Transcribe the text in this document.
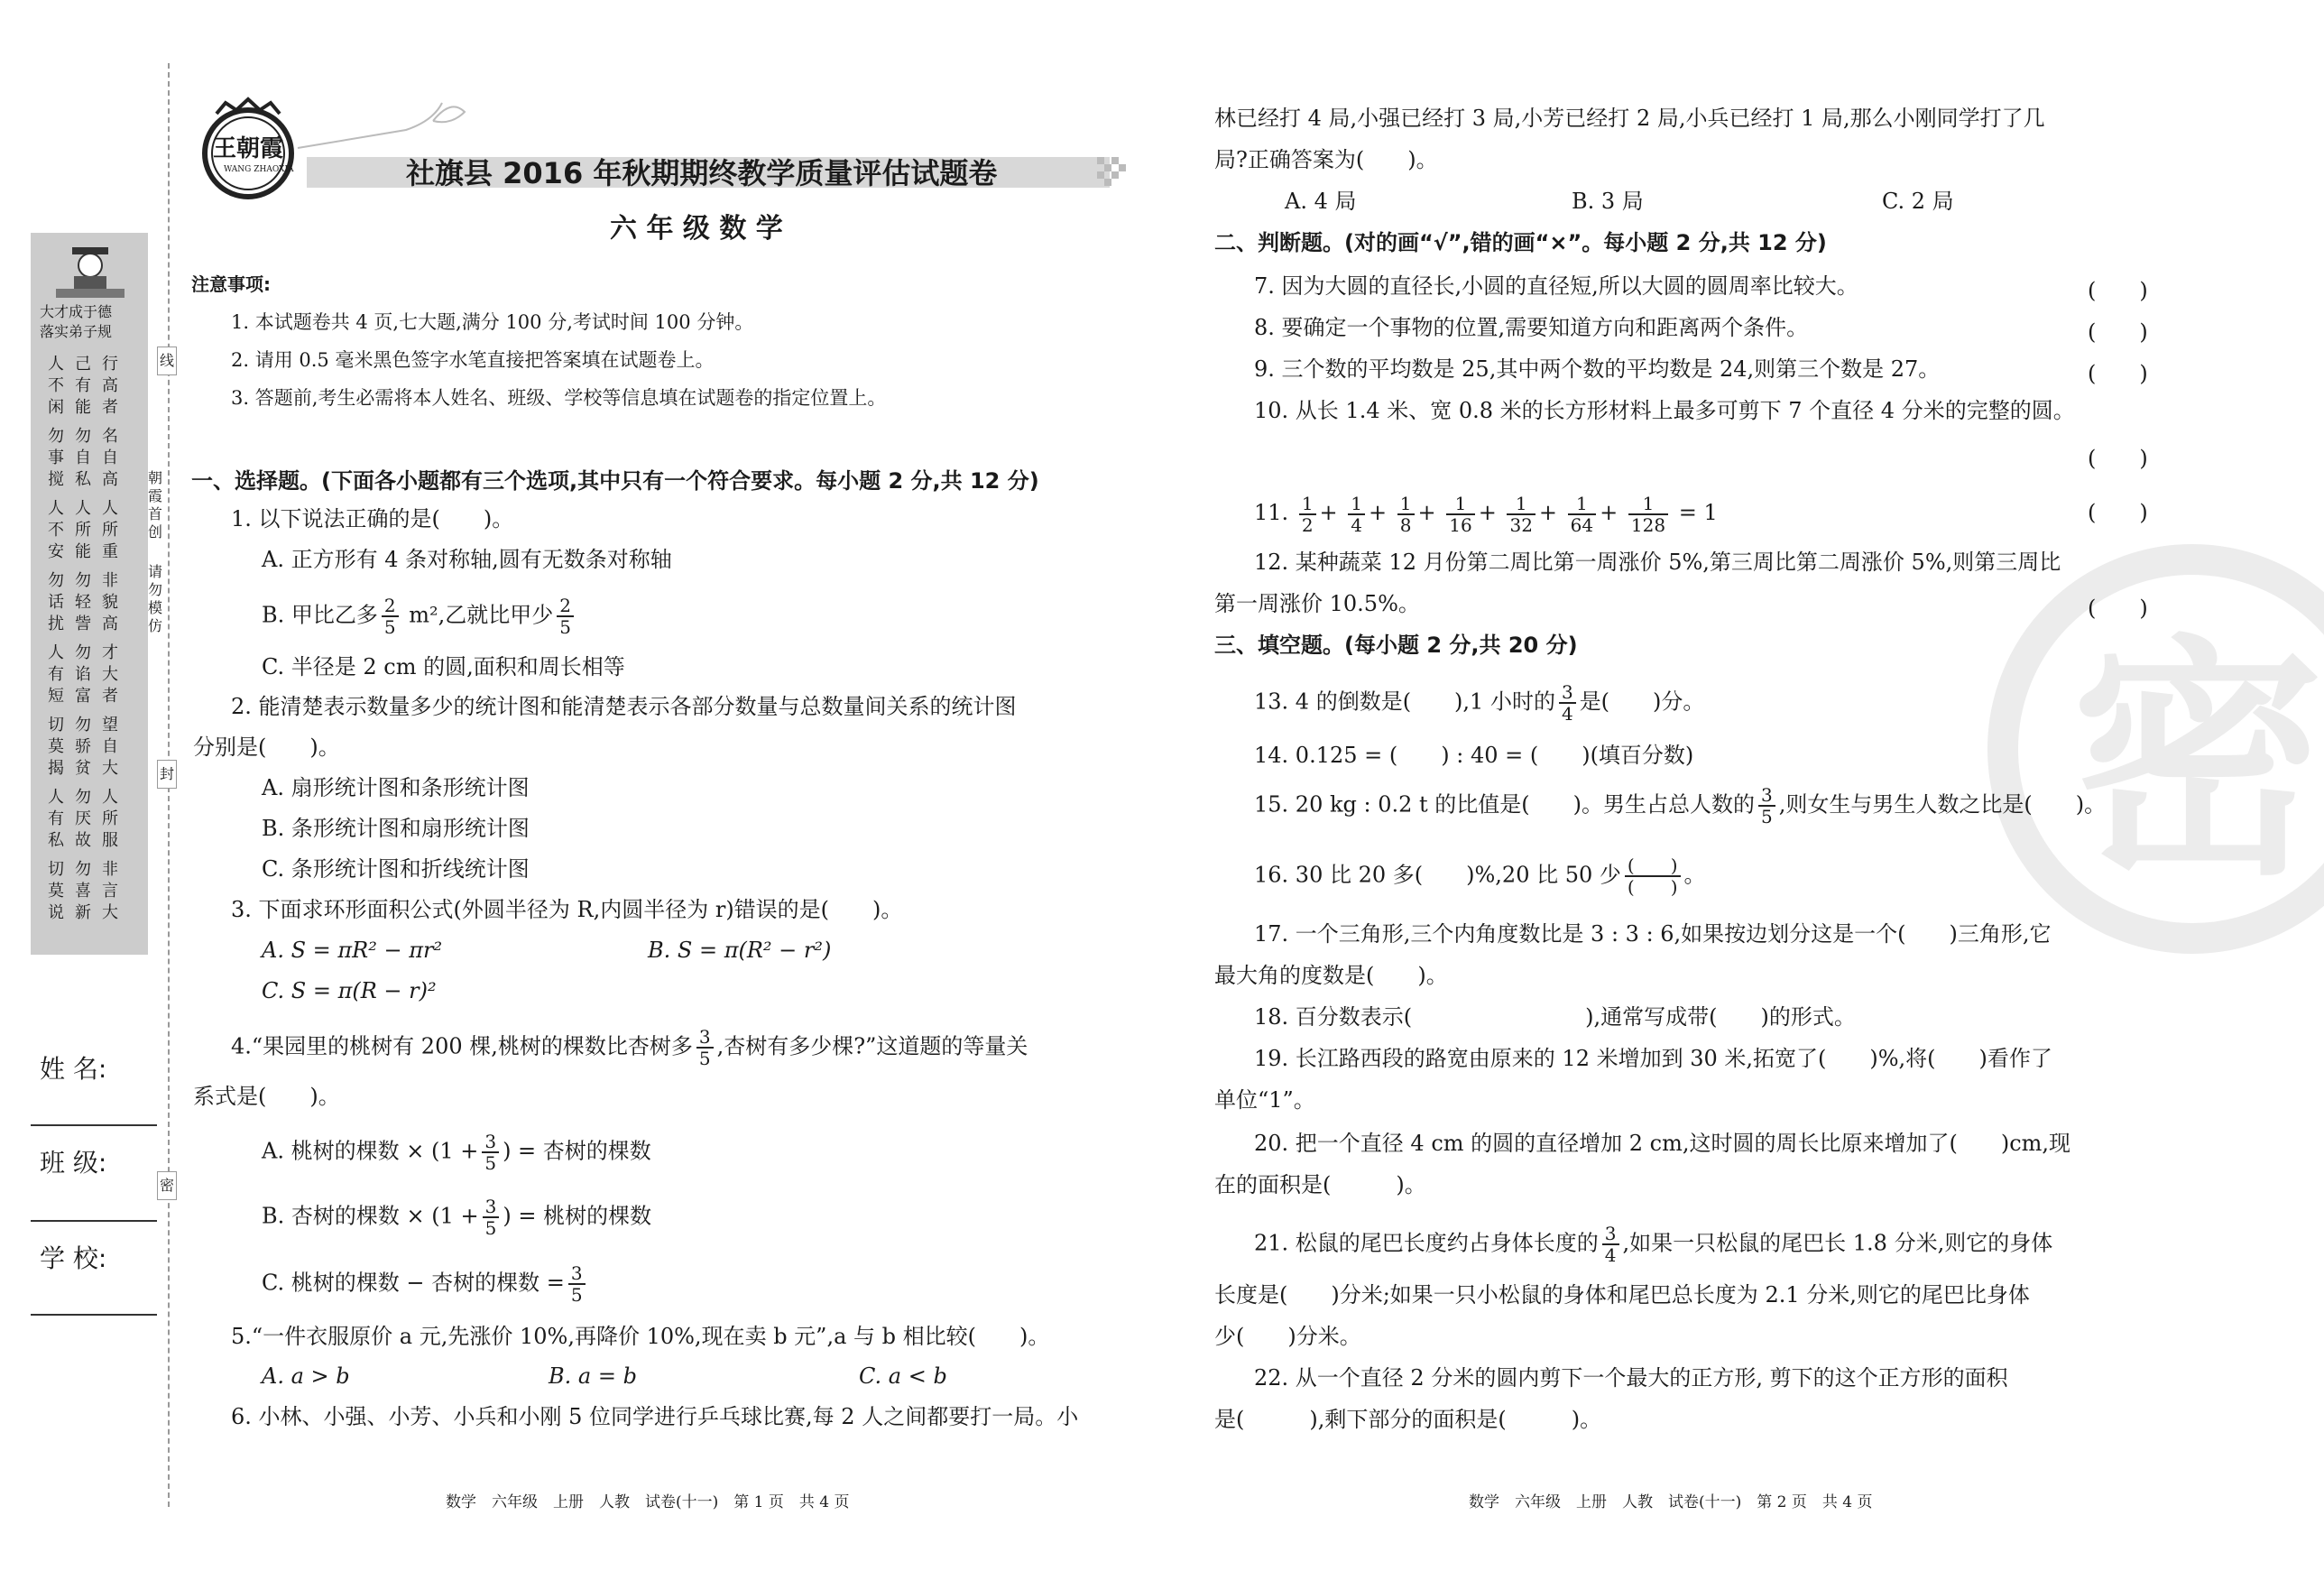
大才成于德
落实弟子规
人不闲
己有能
行高者
勿事搅
勿自私
名自高
人不安
人所能
人所重
勿话扰
勿轻訾
非貌高
人有短
勿谄富
才大者
切莫揭
勿骄贫
望自大
人有私
勿厌故
人所服
切莫说
勿喜新
非言大
线
封
密
朝霞首创
请勿模仿
姓 名:
班 级:
学 校:
王朝霞
WANG ZHAOXIA	社旗县 2016 年秋期期终教学质量评估试题卷
六 年 级 数 学
注意事项:
1. 本试题卷共 4 页,七大题,满分 100 分,考试时间 100 分钟。
2. 请用 0.5 毫米黑色签字水笔直接把答案填在试题卷上。
3. 答题前,考生必需将本人姓名、班级、学校等信息填在试题卷的指定位置上。
一、选择题。(下面各小题都有三个选项,其中只有一个符合要求。每小题 2 分,共 12 分)
1. 以下说法正确的是(　　)。
A. 正方形有 4 条对称轴,圆有无数条对称轴
B. 甲比乙多 $\frac{2}{5} m^2$,乙就比甲少 $\frac{2}{5}$
C. 半径是 2 cm 的圆,面积和周长相等
2. 能清楚表示数量多少的统计图和能清楚表示各部分数量与总数量间关系的统计图
分别是(　　)。
A. 扇形统计图和条形统计图
B. 条形统计图和扇形统计图
C. 条形统计图和折线统计图
3. 下面求环形面积公式(外圆半径为 R,内圆半径为 r)错误的是(　　)。
A. S = πR² − πr²	B. S = π(R² − r²)
C. S = π(R − r)²
4.“果园里的桃树有 200 棵,桃树的棵数比杏树多 $\frac{3}{5}$ ,杏树有多少棵?”这道题的等量关
系式是(　　)。
A. 桃树的棵数 × ($1 + \frac{3}{5}$ ) = 杏树的棵数
B. 杏树的棵数 × ($1 + \frac{3}{5}$ ) = 桃树的棵数
C. 桃树的棵数 − 杏树的棵数 = $\frac{3}{5}$
5.“一件衣服原价 a 元,先涨价 10%,再降价 10%,现在卖 b 元”,a 与 b 相比较(　　)。
A. a > b	B. a = b	C. a < b
6. 小林、小强、小芳、小兵和小刚 5 位同学进行乒乓球比赛,每 2 人之间都要打一局。小
数学　六年级　上册　人教　试卷(十一)　第 1 页　共 4 页
密
林已经打 4 局,小强已经打 3 局,小芳已经打 2 局,小兵已经打 1 局,那么小刚同学打了几
局?正确答案为(　　)。
A. 4 局	B. 3 局	C. 2 局
二、判断题。(对的画“√”,错的画“×”。每小题 2 分,共 12 分)
7. 因为大圆的直径长,小圆的直径短,所以大圆的圆周率比较大。	(　　)
8. 要确定一个事物的位置,需要知道方向和距离两个条件。	(　　)
9. 三个数的平均数是 25,其中两个数的平均数是 24,则第三个数是 27。	(　　)
10. 从长 1.4 米、宽 0.8 米的长方形材料上最多可剪下 7 个直径 4 分米的完整的圆。
(　　)
11. $\frac{1}{2} + \frac{1}{4} + \frac{1}{8} + \frac{1}{16} + \frac{1}{32} + \frac{1}{64} + \frac{1}{128} = 1$	(　　)
12. 某种蔬菜 12 月份第二周比第一周涨价 5%,第三周比第二周涨价 5%,则第三周比
第一周涨价 10.5%。	(　　)
三、填空题。(每小题 2 分,共 20 分)
13. 4 的倒数是(　　),1 小时的 $\frac{3}{4}$ 是(　　)分。
14. 0.125 = (　　) : 40 = (　　)(填百分数)
15. 20 kg : 0.2 t 的比值是(　　)。男生占总人数的 $\frac{3}{5}$ ,则女生与男生人数之比是(　　)。
16. 30 比 20 多(　　)%,20 比 50 少 $\frac{( )}{( )}$ 。
17. 一个三角形,三个内角度数比是 3 : 3 : 6,如果按边划分这是一个(　　)三角形,它
最大角的度数是(　　)。
18. 百分数表示(　　　　　　　　),通常写成带(　　)的形式。
19. 长江路西段的路宽由原来的 12 米增加到 30 米,拓宽了(　　)%,将(　　)看作了
单位“1”。
20. 把一个直径 4 cm 的圆的直径增加 2 cm,这时圆的周长比原来增加了(　　)cm,现
在的面积是(　　　)。
21. 松鼠的尾巴长度约占身体长度的 $\frac{3}{4}$ ,如果一只松鼠的尾巴长 1.8 分米,则它的身体
长度是(　　)分米;如果一只小松鼠的身体和尾巴总长度为 2.1 分米,则它的尾巴比身体
少(　　)分米。
22. 从一个直径 2 分米的圆内剪下一个最大的正方形, 剪下的这个正方形的面积
是(　　　),剩下部分的面积是(　　　)。
数学　六年级　上册　人教　试卷(十一)　第 2 页　共 4 页
